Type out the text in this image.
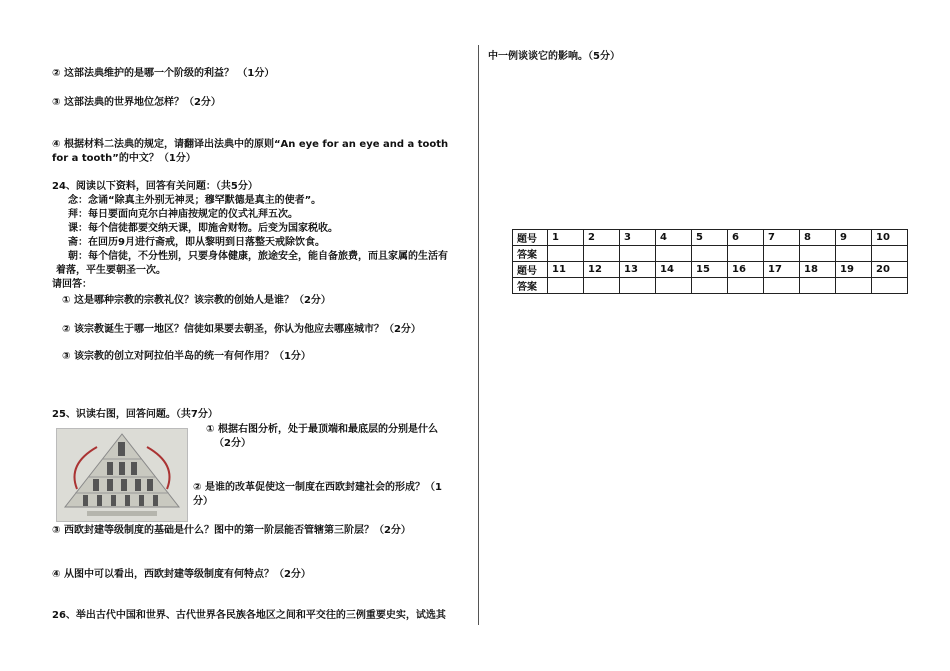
② 这部法典维护的是哪一个阶级的利益？ （1分）
③ 这部法典的世界地位怎样？（2分）
④ 根据材料二法典的规定，请翻译出法典中的原则“An eye for an eye and a tooth
for a tooth”的中文？（1分）
24、阅读以下资料，回答有关问题：（共5分）
念：念诵“除真主外别无神灵；穆罕默德是真主的使者”。
拜：每日要面向克尔白神庙按规定的仪式礼拜五次。
课：每个信徒都要交纳天课，即施舍财物。后变为国家税收。
斋：在回历9月进行斋戒，即从黎明到日落整天戒除饮食。
朝：每个信徒，不分性别，只要身体健康，旅途安全，能自备旅费，而且家属的生活有
着落，平生要朝圣一次。
请回答：
① 这是哪种宗教的宗教礼仪？该宗教的创始人是谁？（2分）
② 该宗教诞生于哪一地区？信徒如果要去朝圣，你认为他应去哪座城市？（2分）
③ 该宗教的创立对阿拉伯半岛的统一有何作用？（1分）
25、识读右图，回答问题。（共7分）
① 根据右图分析，处于最顶端和最底层的分别是什么
（2分）
② 是谁的改革促使这一制度在西欧封建社会的形成？（1
分）
③ 西欧封建等级制度的基础是什么？图中的第一阶层能否管辖第三阶层？（2分）
④ 从图中可以看出，西欧封建等级制度有何特点？（2分）
26、举出古代中国和世界、古代世界各民族各地区之间和平交往的三例重要史实，试选其
中一例谈谈它的影响。（5分）
题号	1	2	3	4	5	6	7	8	9	10
答案										
题号	11	12	13	14	15	16	17	18	19	20
答案										
